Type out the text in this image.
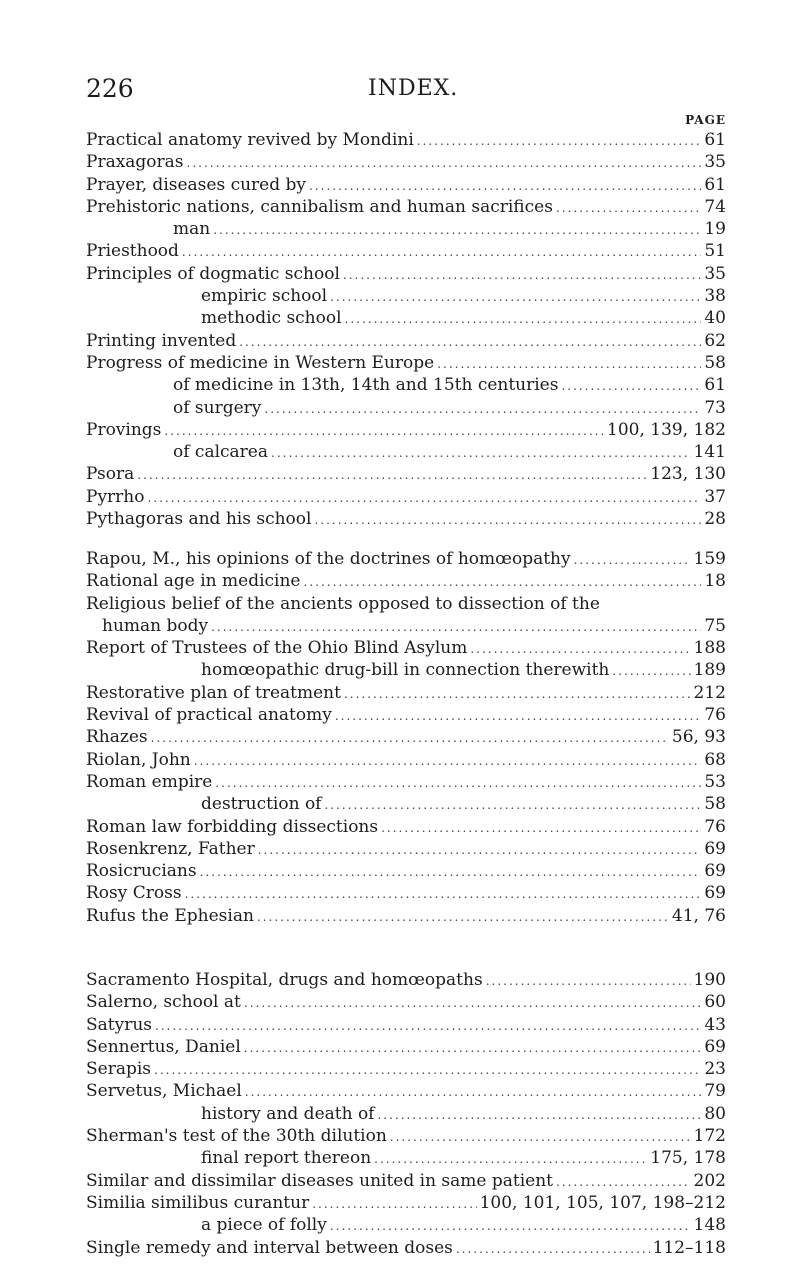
226	INDEX.
PAGE
Practical anatomy revived by Mondini .....	61
Praxagoras .....	35
Prayer, diseases cured by .....	61
Prehistoric nations, cannibalism and human sacrifices .....	74
man .....	19
Priesthood .....	51
Principles of dogmatic school .....	35
empiric school .....	38
methodic school .....	40
Printing invented .....	62
Progress of medicine in Western Europe .....	58
of medicine in 13th, 14th and 15th centuries .....	61
of surgery .....	73
Provings .....	100, 139, 182
of calcarea .....	141
Psora .....	123, 130
Pyrrho .....	37
Pythagoras and his school .....	28
Rapou, M., his opinions of the doctrines of homœopathy .....	159
Rational age in medicine .....	18
Religious belief of the ancients opposed to dissection of the
human body .....	75
Report of Trustees of the Ohio Blind Asylum .....	188
homœopathic drug-bill in connection therewith .....	189
Restorative plan of treatment .....	212
Revival of practical anatomy .....	76
Rhazes .....	56, 93
Riolan, John .....	68
Roman empire .....	53
destruction of .....	58
Roman law forbidding dissections .....	76
Rosenkrenz, Father .....	69
Rosicrucians .....	69
Rosy Cross .....	69
Rufus the Ephesian .....	41, 76
Sacramento Hospital, drugs and homœopaths .....	190
Salerno, school at .....	60
Satyrus .....	43
Sennertus, Daniel .....	69
Serapis .....	23
Servetus, Michael .....	79
history and death of .....	80
Sherman's test of the 30th dilution .....	172
final report thereon .....	175, 178
Similar and dissimilar diseases united in same patient .....	202
Similia similibus curantur .....	100, 101, 105, 107, 198–212
a piece of folly .....	148
Single remedy and interval between doses .....	112–118
